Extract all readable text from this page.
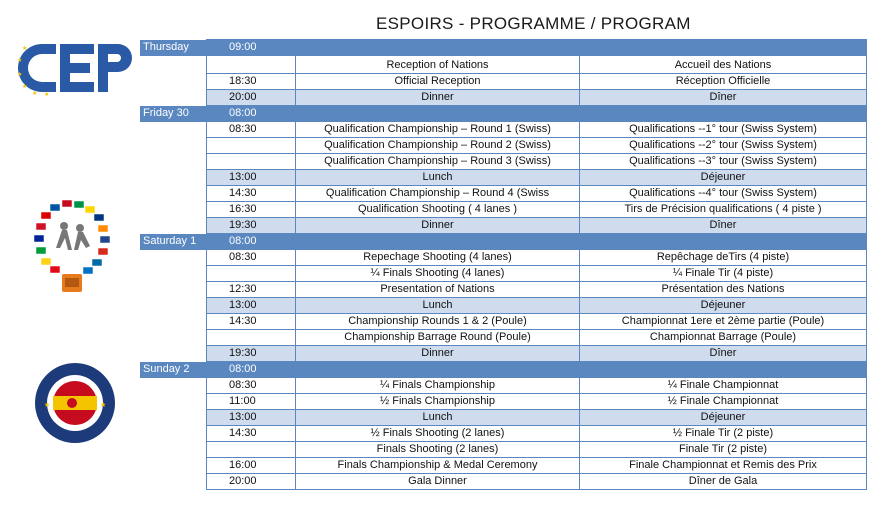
ESPOIRS - PROGRAMME / PROGRAM
★
★
★
★
★ ★
★	★
Thursday	09:00		
		Reception of Nations	Accueil des Nations
	18:30	Official Reception	Réception Officielle
	20:00	Dinner	Dîner
Friday 30	08:00		
	08:30	Qualification Championship – Round 1 (Swiss)	Qualifications --1° tour (Swiss System)
		Qualification Championship – Round 2 (Swiss)	Qualifications --2° tour (Swiss System)
		Qualification Championship – Round 3 (Swiss)	Qualifications --3° tour (Swiss System)
	13:00	Lunch	Déjeuner
	14:30	Qualification Championship – Round 4 (Swiss	Qualifications --4° tour (Swiss System)
	16:30	Qualification Shooting ( 4 lanes )	Tirs de Précision qualifications ( 4 piste )
	19:30	Dinner	Dîner
Saturday 1	08:00		
	08:30	Repechage Shooting (4 lanes)	Repêchage deTirs (4 piste)
		¼ Finals Shooting (4 lanes)	¼ Finale Tir (4 piste)
	12:30	Presentation of Nations	Présentation des Nations
	13:00	Lunch	Déjeuner
	14:30	Championship Rounds 1 & 2 (Poule)	Championnat 1ere et 2ème partie (Poule)
		Championship Barrage Round (Poule)	Championnat Barrage (Poule)
	19:30	Dinner	Dîner
Sunday 2	08:00		
	08:30	¼ Finals Championship	¼ Finale Championnat
	11:00	½ Finals Championship	½ Finale Championnat
	13:00	Lunch	Déjeuner
	14:30	½ Finals Shooting (2 lanes)	½ Finale Tir (2 piste)
		Finals Shooting (2 lanes)	Finale Tir (2 piste)
	16:00	Finals Championship & Medal Ceremony	Finale Championnat et Remis des Prix
	20:00	Gala Dinner	Dîner de Gala
